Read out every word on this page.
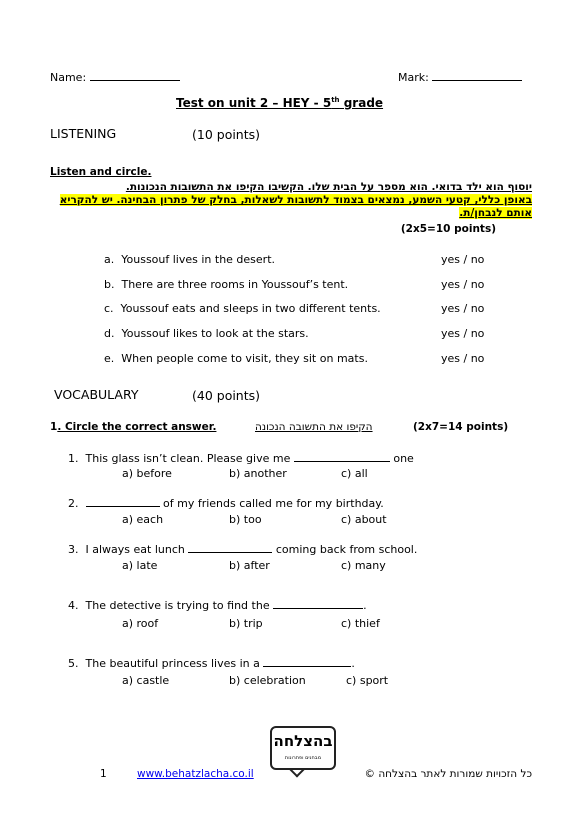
Name:	Mark:
Test on unit 2 – HEY - 5th grade
LISTENING	(10 points)
Listen and circle.
יוסוף הוא ילד בדואי. הוא מספר על הבית שלו. הקשיבו הקיפו את התשובות הנכונות.
באופן כללי, קטעי השמע, נמצאים בצמוד לתשובות לשאלות, בחלק של פתרון הבחינה. יש להקריא
אותם לנבחן/ת.
(2x5=10 points)
a. Youssouf lives in the desert.	yes / no
b. There are three rooms in Youssouf’s tent.	yes / no
c. Youssouf eats and sleeps in two different tents.	yes / no
d. Youssouf likes to look at the stars.	yes / no
e. When people come to visit, they sit on mats.	yes / no
VOCABULARY	(40 points)
1. Circle the correct answer.	הקיפו את התשובה הנכונה	(2x7=14 points)
1. This glass isn’t clean. Please give me	one
a) before	b) another	c) all
2.	of my friends called me for my birthday.
a) each	b) too	c) about
3. I always eat lunch	coming back from school.
a) late	b) after	c) many
4. The detective is trying to find the	.
a) roof	b) trip	c) thief
5. The beautiful princess lives in a	.
a) castle	b) celebration	c) sport
בהצלחה
מבחנים ופתרונות
1	www.behatzlacha.co.il	כל הזכויות שמורות לאתר בהצלחה ©
